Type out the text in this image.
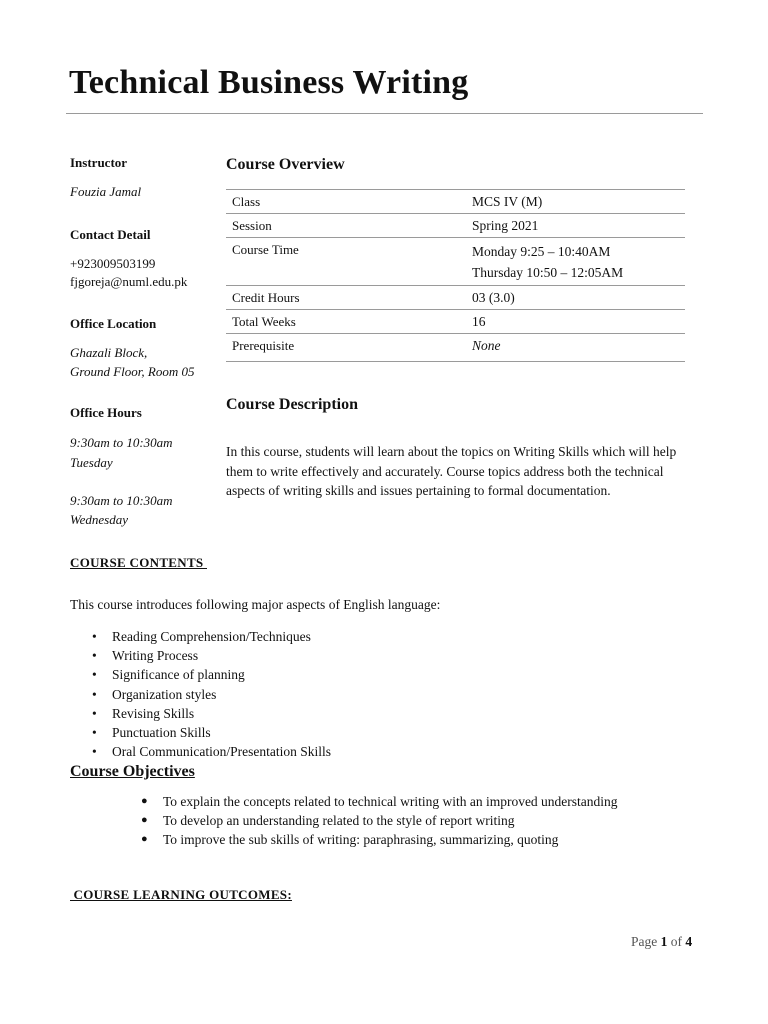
Technical Business Writing
Instructor
Fouzia Jamal
Contact Detail
+923009503199
fjgoreja@numl.edu.pk
Office Location
Ghazali Block,
Ground Floor, Room 05
Office Hours
9:30am to 10:30am
Tuesday
9:30am to 10:30am
Wednesday
Course Overview
Class	MCS IV (M)
Session	Spring 2021
Course Time	Monday 9:25 – 10:40AM
Thursday 10:50 – 12:05AM

Credit Hours	03 (3.0)
Total Weeks	16
Prerequisite	None
Course Description

In this course, students will learn about the topics on Writing Skills which will help them to write effectively and accurately. Course topics address both the technical aspects of writing skills and issues pertaining to formal documentation.

COURSE CONTENTS

This course introduces following major aspects of English language:

• Reading Comprehension/Techniques
• Writing Process
• Significance of planning
• Organization styles
• Revising Skills
• Punctuation Skills
• Oral Communication/Presentation Skills
Course Objectives
● To explain the concepts related to technical writing with an improved understanding
● To develop an understanding related to the style of report writing
● To improve the sub skills of writing: paraphrasing, summarizing, quoting
COURSE LEARNING OUTCOMES:
Page 1 of 4
